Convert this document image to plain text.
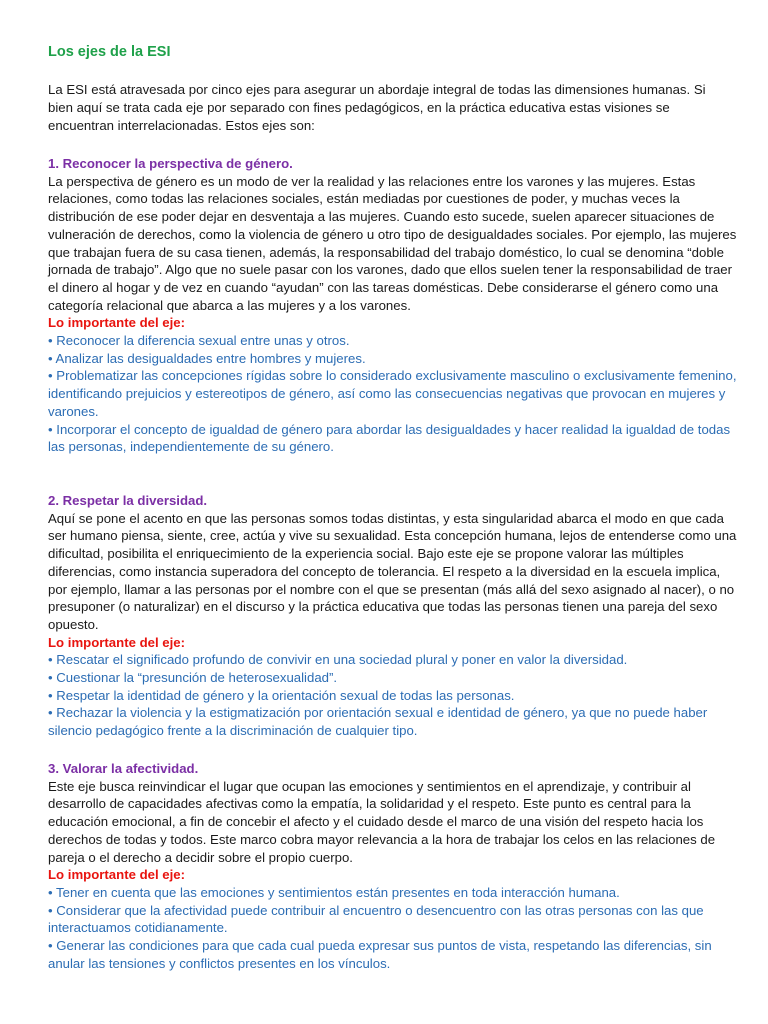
Los ejes de la ESI

La ESI está atravesada por cinco ejes para asegurar un abordaje integral de todas las dimensiones humanas. Si bien aquí se trata cada eje por separado con fines pedagógicos, en la práctica educativa estas visiones se encuentran interrelacionadas. Estos ejes son:

1. Reconocer la perspectiva de género.

La perspectiva de género es un modo de ver la realidad y las relaciones entre los varones y las mujeres. Estas relaciones, como todas las relaciones sociales, están mediadas por cuestiones de poder, y muchas veces la distribución de ese poder dejar en desventaja a las mujeres. Cuando esto sucede, suelen aparecer situaciones de vulneración de derechos, como la violencia de género u otro tipo de desigualdades sociales. Por ejemplo, las mujeres que trabajan fuera de su casa tienen, además, la responsabilidad del trabajo doméstico, lo cual se denomina “doble jornada de trabajo”. Algo que no suele pasar con los varones, dado que ellos suelen tener la responsabilidad de traer el dinero al hogar y de vez en cuando “ayudan” con las tareas domésticas. Debe considerarse el género como una categoría relacional que abarca a las mujeres y a los varones.

Lo importante del eje:
• Reconocer la diferencia sexual entre unas y otros.
• Analizar las desigualdades entre hombres y mujeres.
• Problematizar las concepciones rígidas sobre lo considerado exclusivamente masculino o exclusivamente femenino, identificando prejuicios y estereotipos de género, así como las consecuencias negativas que provocan en mujeres y varones.
• Incorporar el concepto de igualdad de género para abordar las desigualdades y hacer realidad la igualdad de todas las personas, independientemente de su género.
2. Respetar la diversidad.

Aquí se pone el acento en que las personas somos todas distintas, y esta singularidad abarca el modo en que cada ser humano piensa, siente, cree, actúa y vive su sexualidad. Esta concepción humana, lejos de entenderse como una dificultad, posibilita el enriquecimiento de la experiencia social. Bajo este eje se propone valorar las múltiples diferencias, como instancia superadora del concepto de tolerancia. El respeto a la diversidad en la escuela implica, por ejemplo, llamar a las personas por el nombre con el que se presentan (más allá del sexo asignado al nacer), o no presuponer (o naturalizar) en el discurso y la práctica educativa que todas las personas tienen una pareja del sexo opuesto.

Lo importante del eje:
• Rescatar el significado profundo de convivir en una sociedad plural y poner en valor la diversidad.
• Cuestionar la “presunción de heterosexualidad”.
• Respetar la identidad de género y la orientación sexual de todas las personas.
• Rechazar la violencia y la estigmatización por orientación sexual e identidad de género, ya que no puede haber silencio pedagógico frente a la discriminación de cualquier tipo.
3. Valorar la afectividad.

Este eje busca reinvindicar el lugar que ocupan las emociones y sentimientos en el aprendizaje, y contribuir al desarrollo de capacidades afectivas como la empatía, la solidaridad y el respeto. Este punto es central para la educación emocional, a fin de concebir el afecto y el cuidado desde el marco de una visión del respeto hacia los derechos de todas y todos. Este marco cobra mayor relevancia a la hora de trabajar los celos en las relaciones de pareja o el derecho a decidir sobre el propio cuerpo.

Lo importante del eje:
• Tener en cuenta que las emociones y sentimientos están presentes en toda interacción humana.
• Considerar que la afectividad puede contribuir al encuentro o desencuentro con las otras personas con las que interactuamos cotidianamente.
• Generar las condiciones para que cada cual pueda expresar sus puntos de vista, respetando las diferencias, sin anular las tensiones y conflictos presentes en los vínculos.
